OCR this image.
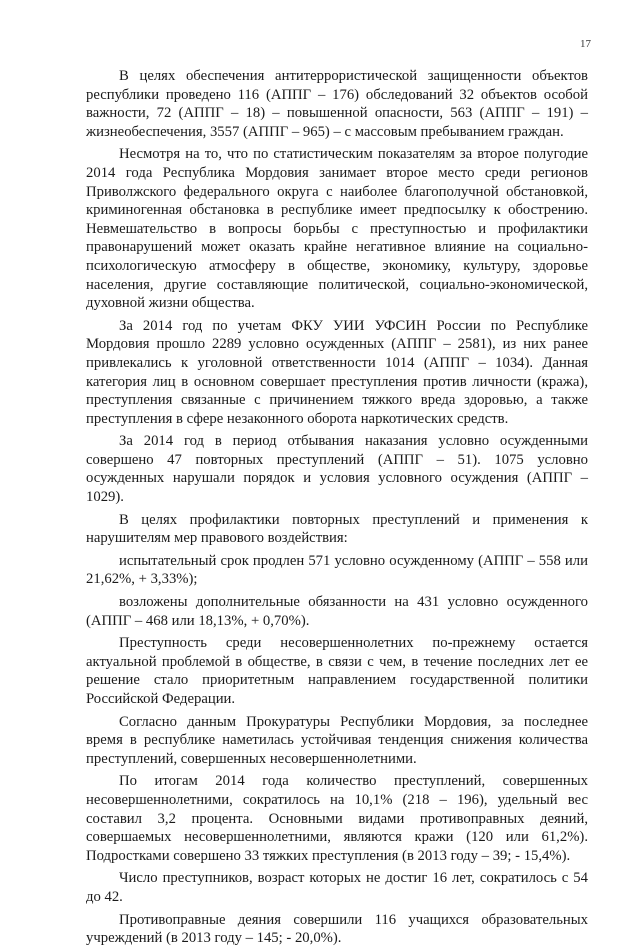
17

В целях обеспечения антитеррористической защищенности объектов республики проведено 116 (АППГ – 176) обследований 32 объектов особой важности, 72 (АППГ – 18) – повышенной опасности, 563 (АППГ – 191) – жизнеобеспечения, 3557 (АППГ – 965) – с массовым пребыванием граждан.

Несмотря на то, что по статистическим показателям за второе полугодие 2014 года Республика Мордовия занимает второе место среди регионов Приволжского федерального округа с наиболее благополучной обстановкой, криминогенная обстановка в республике имеет предпосылку к обострению. Невмешательство в вопросы борьбы с преступностью и профилактики правонарушений может оказать крайне негативное влияние на социально-психологическую атмосферу в обществе, экономику, культуру, здоровье населения, другие составляющие политической, социально-экономической, духовной жизни общества.

За 2014 год по учетам ФКУ УИИ УФСИН России по Республике Мордовия прошло 2289 условно осужденных (АППГ – 2581), из них ранее привлекались к уголовной ответственности 1014 (АППГ – 1034). Данная категория лиц в основном совершает преступления против личности (кража), преступления связанные с причинением тяжкого вреда здоровью, а также преступления в сфере незаконного оборота наркотических средств.

За 2014 год в период отбывания наказания условно осужденными совершено 47 повторных преступлений (АППГ – 51). 1075 условно осужденных нарушали порядок и условия условного осуждения (АППГ – 1029).

В целях профилактики повторных преступлений и применения к нарушителям мер правового воздействия:

испытательный срок продлен 571 условно осужденному (АППГ – 558 или 21,62%, + 3,33%);

возложены дополнительные обязанности на 431 условно осужденного (АППГ – 468 или 18,13%, + 0,70%).

Преступность среди несовершеннолетних по-прежнему остается актуальной проблемой в обществе, в связи с чем, в течение последних лет ее решение стало приоритетным направлением государственной политики Российской Федерации.

Согласно данным Прокуратуры Республики Мордовия, за последнее время в республике наметилась устойчивая тенденция снижения количества преступлений, совершенных несовершеннолетними.

По итогам 2014 года количество преступлений, совершенных несовершеннолетними, сократилось на 10,1% (218 – 196), удельный вес составил 3,2 процента. Основными видами противоправных деяний, совершаемых несовершеннолетними, являются кражи (120 или 61,2%). Подростками совершено 33 тяжких преступления (в 2013 году – 39; - 15,4%).

Число преступников, возраст которых не достиг 16 лет, сократилось с 54 до 42.

Противоправные деяния совершили 116 учащихся образовательных учреждений (в 2013 году – 145; - 20,0%).
